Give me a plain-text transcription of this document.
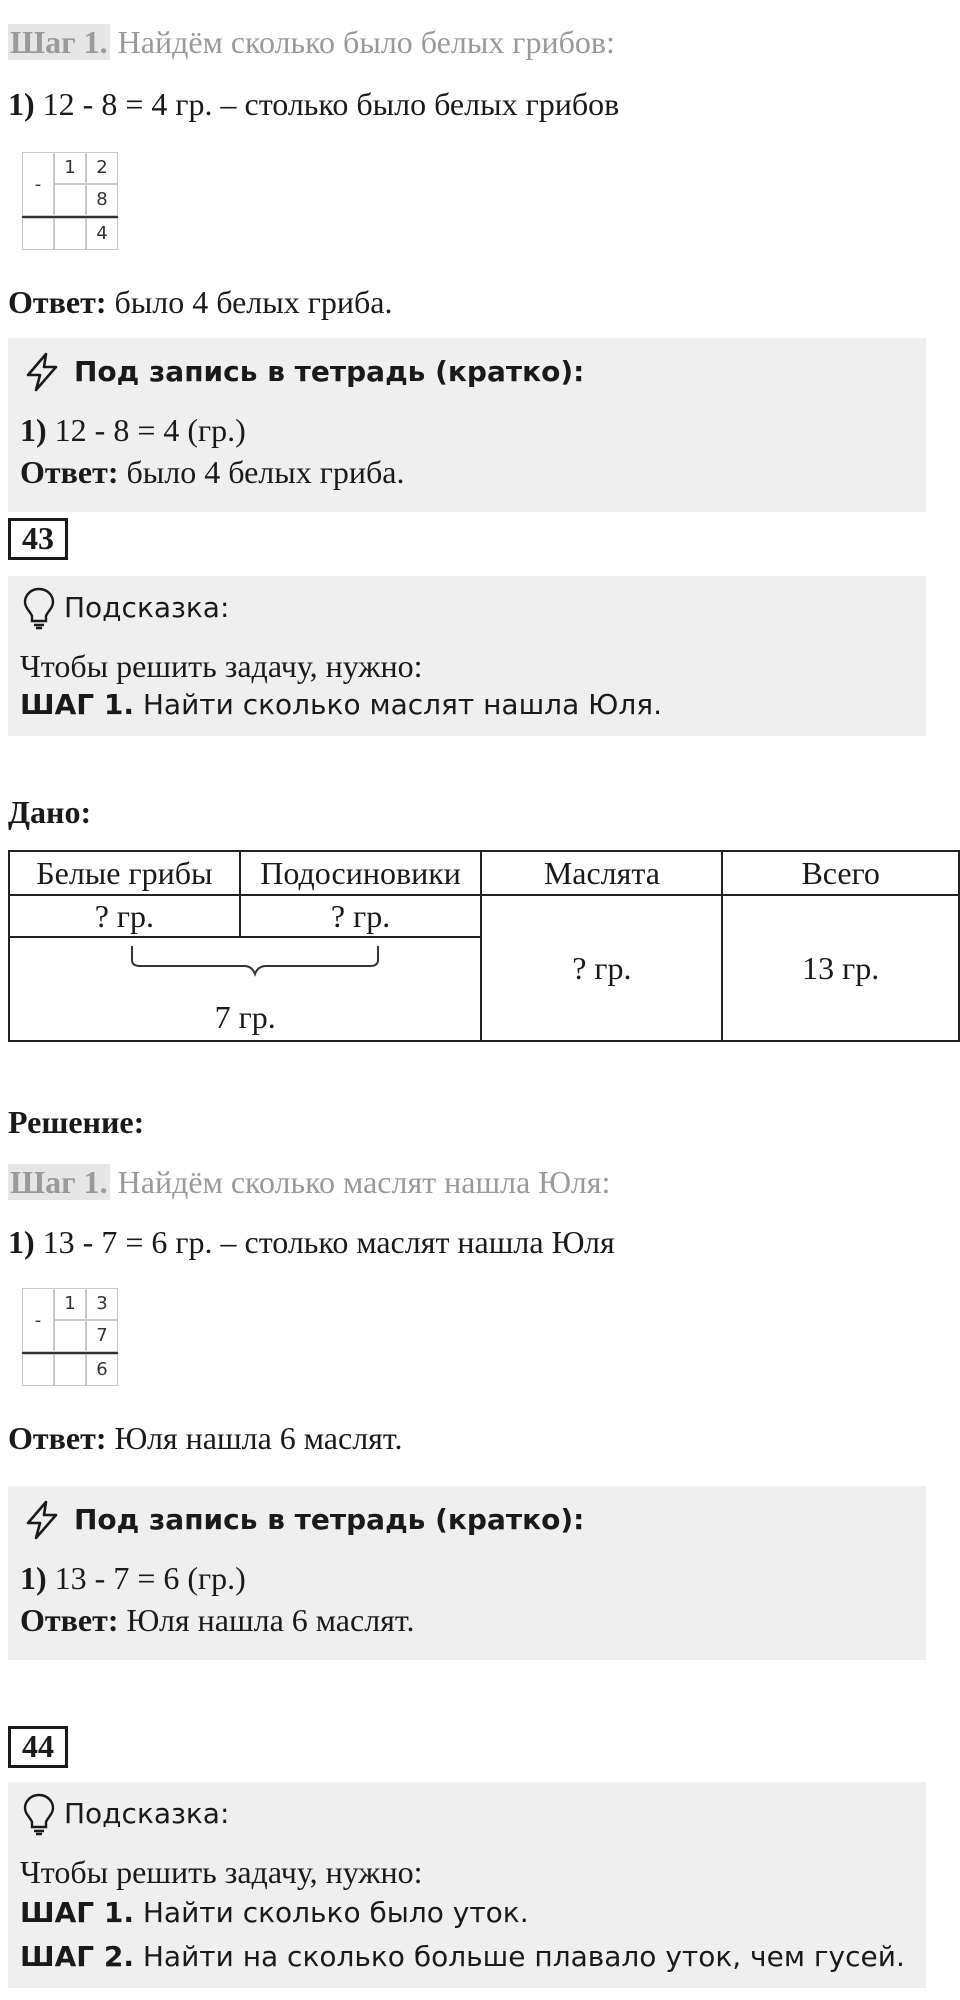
Шаг 1. Найдём сколько было белых грибов:
1) 12 - 8 = 4 гр. – столько было белых грибов
-
1	2
8
4
Ответ: было 4 белых гриба.
Под запись в тетрадь (кратко):
1) 12 - 8 = 4 (гр.)
Ответ: было 4 белых гриба.
43
Подсказка:
Чтобы решить задачу, нужно:
ШАГ 1. Найти сколько маслят нашла Юля.
Дано:
Белые грибы	Подосиновики	Маслята	Всего
? гр.	? гр.	? гр.	13 гр.

7 гр.			
Решение:
Шаг 1. Найдём сколько маслят нашла Юля:
1) 13 - 7 = 6 гр. – столько маслят нашла Юля
-
1	3
7
6
Ответ: Юля нашла 6 маслят.
Под запись в тетрадь (кратко):
1) 13 - 7 = 6 (гр.)
Ответ: Юля нашла 6 маслят.
44
Подсказка:
Чтобы решить задачу, нужно:
ШАГ 1. Найти сколько было уток.
ШАГ 2. Найти на сколько больше плавало уток, чем гусей.
